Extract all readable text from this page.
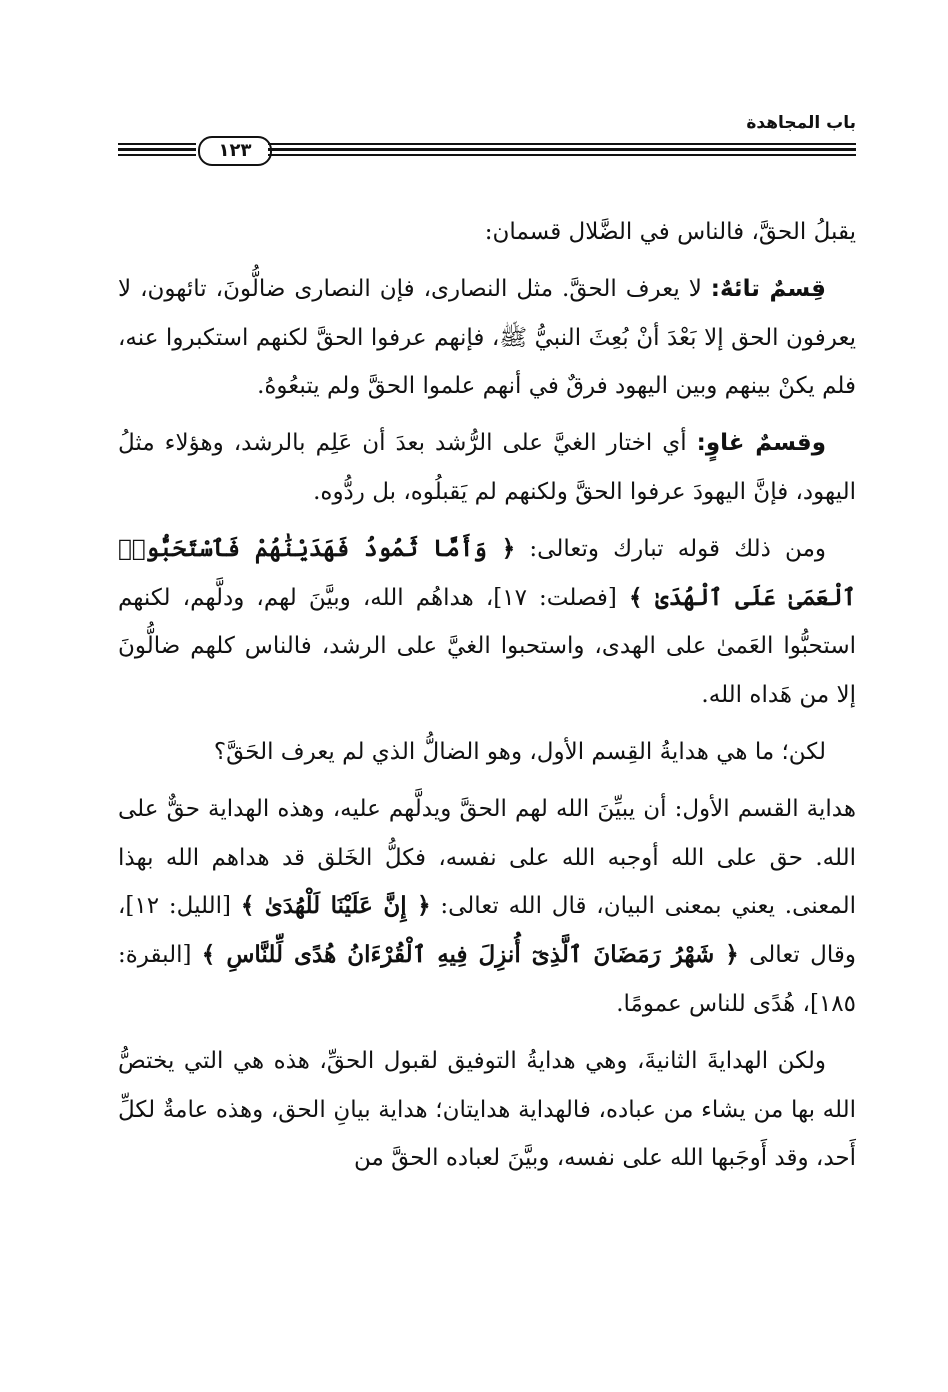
باب المجاهدة
١٢٣

يقبلُ الحقَّ، فالناس في الضَّلال قسمان:

قِسمٌ تائهٌ: لا يعرف الحقَّ. مثل النصارى، فإن النصارى ضالُّونَ، تائهون، لا يعرفون الحق إلا بَعْدَ أنْ بُعِثَ النبيُّ ﷺ، فإنهم عرفوا الحقَّ لكنهم استكبروا عنه، فلم يكنْ بينهم وبين اليهود فرقٌ في أنهم علموا الحقَّ ولم يتبعُوهُ.

وقسمٌ غاوٍ: أي اختار الغيَّ على الرُّشد بعدَ أن عَلِم بالرشد، وهؤلاء مثلُ اليهود، فإنَّ اليهودَ عرفوا الحقَّ ولكنهم لم يَقبلُوه، بل ردُّوه.

ومن ذلك قوله تبارك وتعالى: ﴿ وَأَمَّا ثَمُودُ فَهَدَيْنَٰهُمْ فَٱسْتَحَبُّوا۟ ٱلْعَمَىٰ عَلَى ٱلْهُدَىٰ ﴾ [فصلت: ١٧]، هداهُم الله، وبيَّنَ لهم، ودلَّهم، لكنهم استحبُّوا العَمىٰ على الهدى، واستحبوا الغيَّ على الرشد، فالناس كلهم ضالُّونَ إلا من هَداه الله.

لكن؛ ما هي هدايةُ القِسم الأول، وهو الضالُّ الذي لم يعرف الحَقَّ؟

هداية القسم الأول: أن يبيِّنَ الله لهم الحقَّ ويدلَّهم عليه، وهذه الهداية حقٌّ على الله. حق على الله أوجبه الله على نفسه، فكلُّ الخَلق قد هداهم الله بهذا المعنى. يعني بمعنى البيان، قال الله تعالى: ﴿ إِنَّ عَلَيْنَا لَلْهُدَىٰ ﴾ [الليل: ١٢]، وقال تعالى ﴿ شَهْرُ رَمَضَانَ ٱلَّذِىٓ أُنزِلَ فِيهِ ٱلْقُرْءَانُ هُدًى لِّلنَّاسِ ﴾ [البقرة: ١٨٥]، هُدًى للناس عمومًا.

ولكن الهدايةَ الثانيةَ، وهي هدايةُ التوفيق لقبول الحقِّ، هذه هي التي يختصُّ الله بها من يشاء من عباده، فالهداية هدايتان؛ هداية بيانِ الحق، وهذه عامةٌ لكلِّ أَحد، وقد أَوجَبها الله على نفسه، وبيَّنَ لعباده الحقَّ من
